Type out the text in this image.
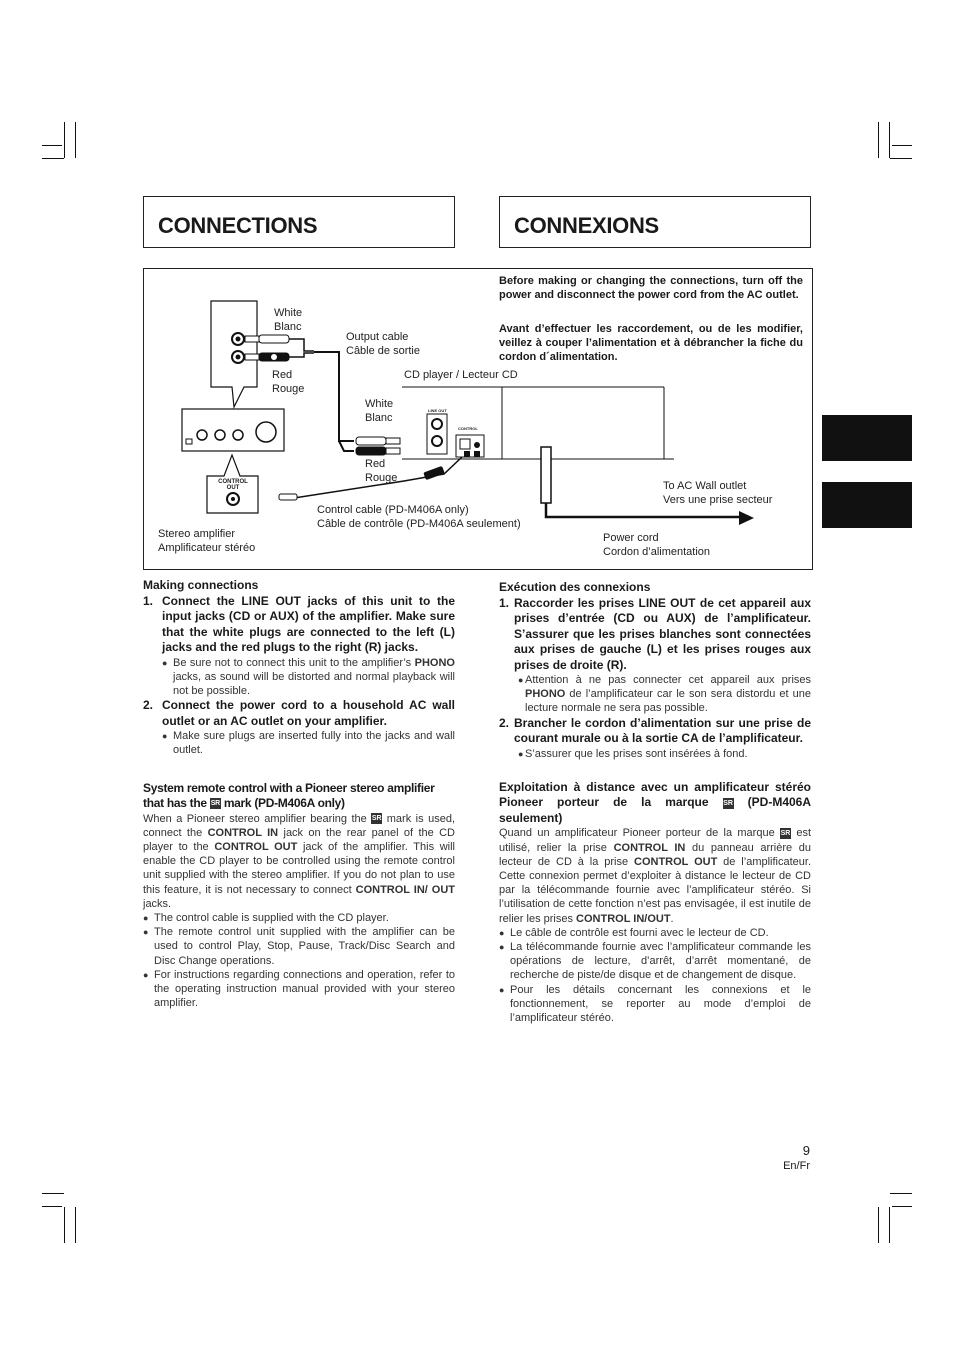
CONNECTIONS	CONNEXIONS
White
Blanc
Red
Rouge
Output cable
Câble de sortie
CD player / Lecteur CD
White
Blanc
Red
Rouge
Control cable (PD-M406A only)
Câble de contrôle (PD-M406A seulement)
Stereo amplifier
Amplificateur stéréo
To AC Wall outlet
Vers une prise secteur
Power cord
Cordon d’alimentation
CONTROL
OUT
LINE OUT
CONTROL
Before making or changing the connections, turn off the power and disconnect the power cord from the AC outlet.
Avant d’effectuer les raccordement, ou de les modifier, veillez à couper l’alimentation et à débrancher la fiche du cordon d´alimentation.
Making connections
1. Connect the LINE OUT jacks of this unit to the input jacks (CD or AUX) of the amplifier. Make sure that the white plugs are connected to the left (L) jacks and the red plugs to the right (R) jacks.
● Be sure not to connect this unit to the amplifier’s PHONO jacks, as sound will be distorted and normal playback will not be possible.
2. Connect the power cord to a household AC wall outlet or an AC outlet on your amplifier.
● Make sure plugs are inserted fully into the jacks and wall outlet.
System remote control with a Pioneer stereo amplifier that has the SR mark (PD-M406A only)
When a Pioneer stereo amplifier bearing the SR mark is used, connect the CONTROL IN jack on the rear panel of the CD player to the CONTROL OUT jack of the amplifier. This will enable the CD player to be controlled using the remote control unit supplied with the stereo amplifier. If you do not plan to use this feature, it is not necessary to connect CONTROL IN/ OUT jacks.
● The control cable is supplied with the CD player.
● The remote control unit supplied with the amplifier can be used to control Play, Stop, Pause, Track/Disc Search and Disc Change operations.
● For instructions regarding connections and operation, refer to the operating instruction manual provided with your stereo amplifier.
Exécution des connexions
1. Raccorder les prises LINE OUT de cet appareil aux prises d’entrée (CD ou AUX) de l’amplificateur. S’assurer que les prises blanches sont connectées aux prises de gauche (L) et les prises rouges aux prises de droite (R).
● Attention à ne pas connecter cet appareil aux prises PHONO de l’amplificateur car le son sera distordu et une lecture normale ne sera pas possible.
2. Brancher le cordon d’alimentation sur une prise de courant murale ou à la sortie CA de l’amplificateur.
● S’assurer que les prises sont insérées à fond.
Exploitation à distance avec un amplificateur stéréo Pioneer porteur de la marque SR (PD-M406A seulement)
Quand un amplificateur Pioneer porteur de la marque SR est utilisé, relier la prise CONTROL IN du panneau arrière du lecteur de CD à la prise CONTROL OUT de l’amplificateur. Cette connexion permet d’exploiter à distance le lecteur de CD par la télécommande fournie avec l’amplificateur stéréo. Si l’utilisation de cette fonction n’est pas envisagée, il est inutile de relier les prises CONTROL IN/OUT.
● Le câble de contrôle est fourni avec le lecteur de CD.
● La télécommande fournie avec l’amplificateur commande les opérations de lecture, d’arrêt, d’arrêt momentané, de recherche de piste/de disque et de changement de disque.
● Pour les détails concernant les connexions et le fonctionnement, se reporter au mode d’emploi de l’amplificateur stéréo.
9
En/Fr
